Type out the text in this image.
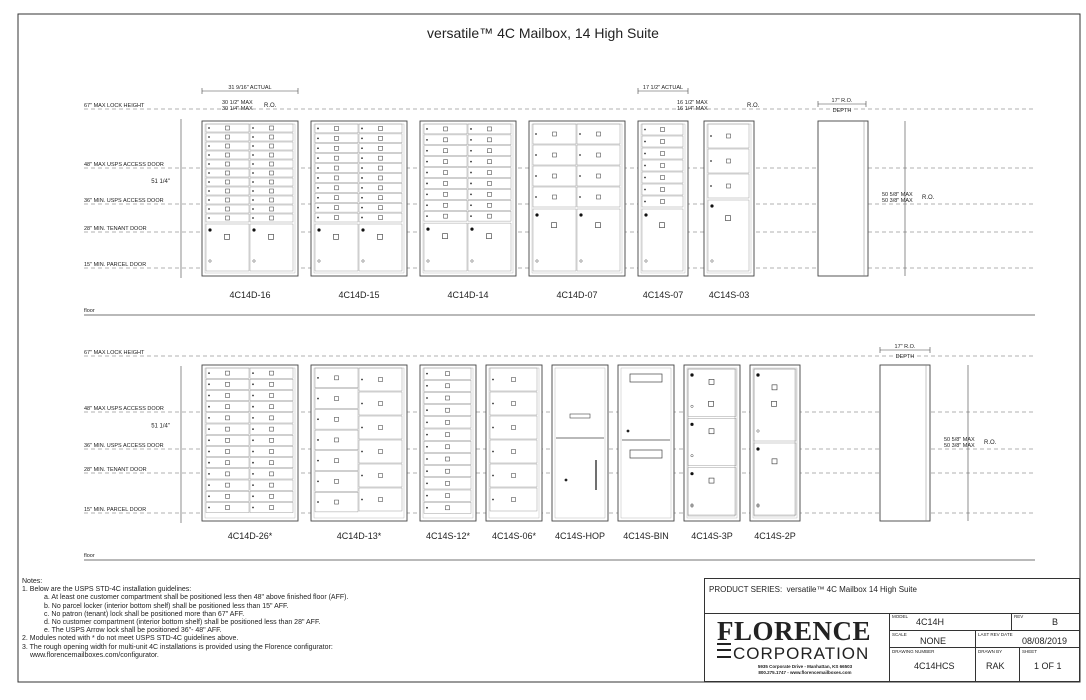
67" MAX LOCK HEIGHT
48" MAX USPS ACCESS DOOR
36" MIN. USPS ACCESS DOOR
28" MIN. TENANT DOOR
15" MIN. PARCEL DOOR
floor
51 1/4"
67" MAX LOCK HEIGHT
48" MAX USPS ACCESS DOOR
36" MIN. USPS ACCESS DOOR
28" MIN. TENANT DOOR
15" MIN. PARCEL DOOR
floor
51 1/4"
4C14D-16	4C14D-15	4C14D-14	4C14D-07	4C14S-07	4C14S-03
4C14D-26*	4C14D-13*	4C14S-12* 4C14S-06* 4C14S-HOP 4C14S-BIN 4C14S-3P 4C14S-2P
31 9/16" ACTUAL
30 1/2" MAX
30 1/4" MAX R.O.
17 1/2" ACTUAL
16 1/2" MAX
16 1/4" MAX	R.O.
17" R.O.
DEPTH
17" R.O.
DEPTH
50 5/8" MAX
50 3/8" MAX R.O.
50 5/8" MAX
50 3/8" MAX R.O.
versatile™ 4C Mailbox, 14 High Suite
Notes:
1. Below are the USPS STD-4C installation guidelines:
a. At least one customer compartment shall be positioned less then 48" above finished floor (AFF).
b. No parcel locker (interior bottom shelf) shall be positioned less than 15" AFF.
c. No patron (tenant) lock shall be positioned more than 67" AFF.
d. No customer compartment (interior bottom shelf) shall be positioned less than 28" AFF.
e. The USPS Arrow lock shall be positioned 36"- 48" AFF.
2. Modules noted with * do not meet USPS STD-4C guidelines above.
3. The rough opening width for multi-unit 4C installations is provided using the Florence configurator:
www.florencemailboxes.com/configurator.
PRODUCT SERIES: versatile™ 4C Mailbox 14 High Suite
FLORENCE
CORPORATION
5935 Corporate Drive - Manhattan, KS 66503
800.275.1747 - www.florencemailboxes.com
MODEL
4C14H
REV
B
SCALE
NONE
LAST REV DATE
08/08/2019
DRAWING NUMBER
4C14HCS
DRAWN BY
RAK
SHEET
1 OF 1
